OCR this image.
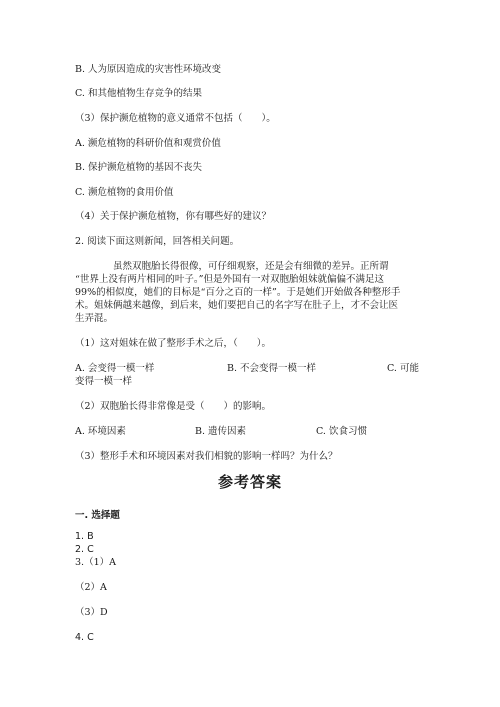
B. 人为原因造成的灾害性环境改变
C. 和其他植物生存竞争的结果
（3）保护濒危植物的意义通常不包括（　　）。
A. 濒危植物的科研价值和观赏价值
B. 保护濒危植物的基因不丧失
C. 濒危植物的食用价值
（4）关于保护濒危植物，你有哪些好的建议？
2. 阅读下面这则新闻，回答相关问题。
　　　　虽然双胞胎长得很像，可仔细观察，还是会有细微的差异。正所谓
“世界上没有两片相同的叶子。”但是外国有一对双胞胎姐妹就偏偏不满足这
99%的相似度，她们的目标是“百分之百的一样”。于是她们开始做各种整形手
术。姐妹俩越来越像，到后来，她们要把自己的名字写在肚子上，才不会让医
生弄混。
（1）这对姐妹在做了整形手术之后，（　　）。
A. 会变得一模一样	B. 不会变得一模一样	C. 可能
变得一模一样
（2）双胞胎长得非常像是受（　　）的影响。
A. 环境因素	B. 遗传因素	C. 饮食习惯
（3）整形手术和环境因素对我们相貌的影响一样吗？为什么？
参考答案
一. 选择题
1. B
2. C
3.（1）A
（2）A
（3）D
4. C
